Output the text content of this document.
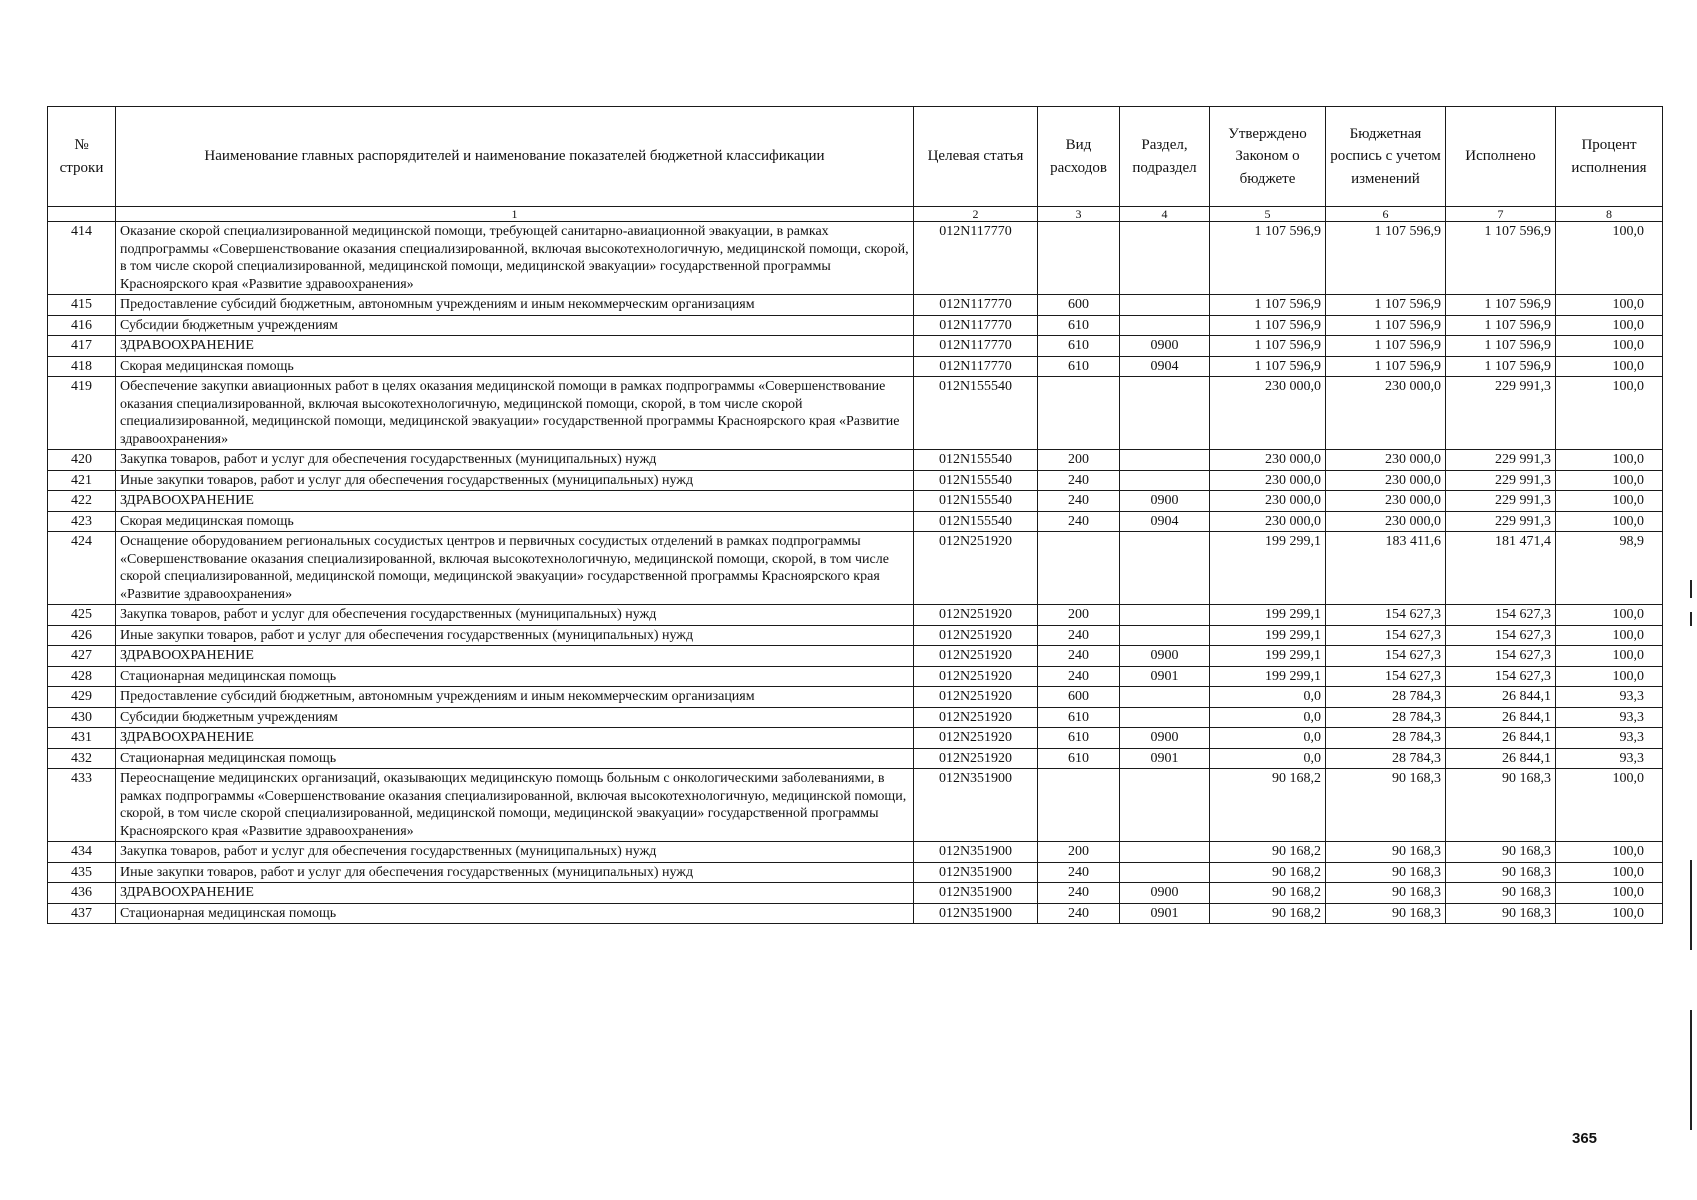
№ строки	Наименование главных распорядителей и наименование показателей бюджетной классификации	Целевая статья	Вид расходов	Раздел, подраздел	Утверждено Законом о бюджете	Бюджетная роспись с учетом изменений	Исполнено	Процент исполнения
	1	2	3	4	5	6	7	8
414	Оказание скорой специализированной медицинской помощи, требующей санитарно-авиационной эвакуации, в рамках подпрограммы «Совершенствование оказания специализированной, включая высокотехнологичную, медицинской помощи, скорой, в том числе скорой специализированной, медицинской помощи, медицинской эвакуации» государственной программы Красноярского края «Развитие здравоохранения»	012N117770			1 107 596,9	1 107 596,9	1 107 596,9	100,0
415	Предоставление субсидий бюджетным, автономным учреждениям и иным некоммерческим организациям	012N117770	600		1 107 596,9	1 107 596,9	1 107 596,9	100,0
416	Субсидии бюджетным учреждениям	012N117770	610		1 107 596,9	1 107 596,9	1 107 596,9	100,0
417	ЗДРАВООХРАНЕНИЕ	012N117770	610	0900	1 107 596,9	1 107 596,9	1 107 596,9	100,0
418	Скорая медицинская помощь	012N117770	610	0904	1 107 596,9	1 107 596,9	1 107 596,9	100,0
419	Обеспечение закупки авиационных работ в целях оказания медицинской помощи в рамках подпрограммы «Совершенствование оказания специализированной, включая высокотехнологичную, медицинской помощи, скорой, в том числе скорой специализированной, медицинской помощи, медицинской эвакуации» государственной программы Красноярского края «Развитие здравоохранения»	012N155540			230 000,0	230 000,0	229 991,3	100,0
420	Закупка товаров, работ и услуг для обеспечения государственных (муниципальных) нужд	012N155540	200		230 000,0	230 000,0	229 991,3	100,0
421	Иные закупки товаров, работ и услуг для обеспечения государственных (муниципальных) нужд	012N155540	240		230 000,0	230 000,0	229 991,3	100,0
422	ЗДРАВООХРАНЕНИЕ	012N155540	240	0900	230 000,0	230 000,0	229 991,3	100,0
423	Скорая медицинская помощь	012N155540	240	0904	230 000,0	230 000,0	229 991,3	100,0
424	Оснащение оборудованием региональных сосудистых центров и первичных сосудистых отделений в рамках подпрограммы «Совершенствование оказания специализированной, включая высокотехнологичную, медицинской помощи, скорой, в том числе скорой специализированной, медицинской помощи, медицинской эвакуации» государственной программы Красноярского края «Развитие здравоохранения»	012N251920			199 299,1	183 411,6	181 471,4	98,9
425	Закупка товаров, работ и услуг для обеспечения государственных (муниципальных) нужд	012N251920	200		199 299,1	154 627,3	154 627,3	100,0
426	Иные закупки товаров, работ и услуг для обеспечения государственных (муниципальных) нужд	012N251920	240		199 299,1	154 627,3	154 627,3	100,0
427	ЗДРАВООХРАНЕНИЕ	012N251920	240	0900	199 299,1	154 627,3	154 627,3	100,0
428	Стационарная медицинская помощь	012N251920	240	0901	199 299,1	154 627,3	154 627,3	100,0
429	Предоставление субсидий бюджетным, автономным учреждениям и иным некоммерческим организациям	012N251920	600		0,0	28 784,3	26 844,1	93,3
430	Субсидии бюджетным учреждениям	012N251920	610		0,0	28 784,3	26 844,1	93,3
431	ЗДРАВООХРАНЕНИЕ	012N251920	610	0900	0,0	28 784,3	26 844,1	93,3
432	Стационарная медицинская помощь	012N251920	610	0901	0,0	28 784,3	26 844,1	93,3
433	Переоснащение медицинских организаций, оказывающих медицинскую помощь больным с онкологическими заболеваниями, в рамках подпрограммы «Совершенствование оказания специализированной, включая высокотехнологичную, медицинской помощи, скорой, в том числе скорой специализированной, медицинской помощи, медицинской эвакуации» государственной программы Красноярского края «Развитие здравоохранения»	012N351900			90 168,2	90 168,3	90 168,3	100,0
434	Закупка товаров, работ и услуг для обеспечения государственных (муниципальных) нужд	012N351900	200		90 168,2	90 168,3	90 168,3	100,0
435	Иные закупки товаров, работ и услуг для обеспечения государственных (муниципальных) нужд	012N351900	240		90 168,2	90 168,3	90 168,3	100,0
436	ЗДРАВООХРАНЕНИЕ	012N351900	240	0900	90 168,2	90 168,3	90 168,3	100,0
437	Стационарная медицинская помощь	012N351900	240	0901	90 168,2	90 168,3	90 168,3	100,0
365
